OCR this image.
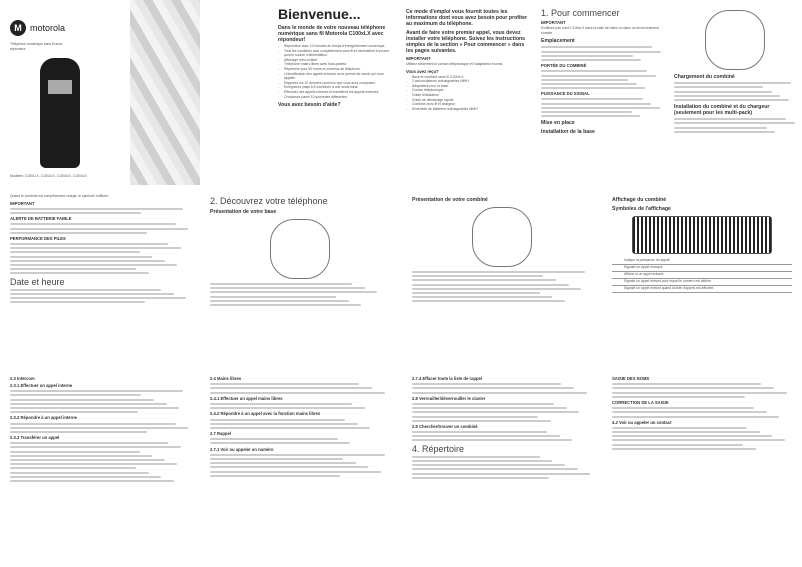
M motorola
Téléphone numérique sans fil avec répondeur
Modèles: C1001LX, C1002LX, C1003LX, C1004LX
Bienvenue...
Dans le monde de votre nouveau téléphone numérique sans fil Motorola C100xLX avec répondeur!
- Répondeur avec 12 minutes de temps d'enregistrement numérique.
- Tous les combinés sont complètement sans fil et nécessitent à trouver qu'une source d'alimentation.
- Affichage rétro-éclairé.
- Téléphone mains libres avec haut-parleur.
- Répertoire pour 50 noms et numéros de téléphone.
- L'identification des appels entrants vous permet de savoir qui vous appelle.
- Rappelez les 10 derniers numéros que vous avez composés.
- Enregistrez jusqu'à 5 combinés à une seule base.
- Effectuez des appels internes et transférez les appels externes.
- Choisissez parmi 10 sonneries différentes.
Vous avez besoin d'aide?
Ce mode d'emploi vous fournit toutes les informations dont vous avez besoin pour profiter au maximum du téléphone.
Avant de faire votre premier appel, vous devez installer votre téléphone. Suivez les instructions simples de la section « Pour commencer » dans les pages suivantes.
IMPORTANT
Utilisez seulement le cordon téléphonique et l'adaptateur fournis.
Vous avez reçu?
- Base et combiné sans fil C100xLX
- 2 accumulateurs rechargeables NiMH
- Adaptateur pour la base
- Cordon téléphonique
- Guide d'utilisation
- Guide de démarrage rapide
- Combiné avec fil et chargeur
- Ensemble de batteries rechargeables NiMH
1. Pour commencer
IMPORTANT
N'utilisez pas votre C100xLX dans la salle de bains ou dans un environnement humide.
Emplacement
PORTÉE DU COMBINÉ
PUISSANCE DU SIGNAL
Mise en place
Installation de la base
Chargement du combiné
Installation du combiné et du chargeur (seulement pour les multi-pack)
Quand le combiné est complètement chargé, le symbole s'affiche.
IMPORTANT
ALERTE DE BATTERIE FAIBLE
PERFORMANCE DES PILES
Date et heure
2. Découvrez votre téléphone
Présentation de votre base
Présentation de votre combiné	Affichage du combiné
Symboles de l'affichage
Indique la puissance du signal.
Signale un appel manqué.
Affiché si un appel entrant.
Signale un appel entrant pour lequel le numéro est affiché.
Signale un appel entrant quand la liste d'appels est affichée.
2.3 Intercom
2.3.1 Effectuer un appel interne
2.3.2 Répondre à un appel interne
2.3.3 Transférer un appel
2.4 Mains libres
2.4.1 Effectuer un appel mains libres
2.4.2 Répondre à un appel avec la fonction mains libres
2.7 Rappel
2.7.1 Voir ou appeler un numéro
2.7.4 Effacer toute la liste de rappel
2.8 Verrouiller/déverrouiller le clavier
2.9 Chercher/trouver un combiné
4. Répertoire
SAISIE DES NOMS
CORRECTION DE LA SAISIE
4.2 Voir ou appeler un contact
